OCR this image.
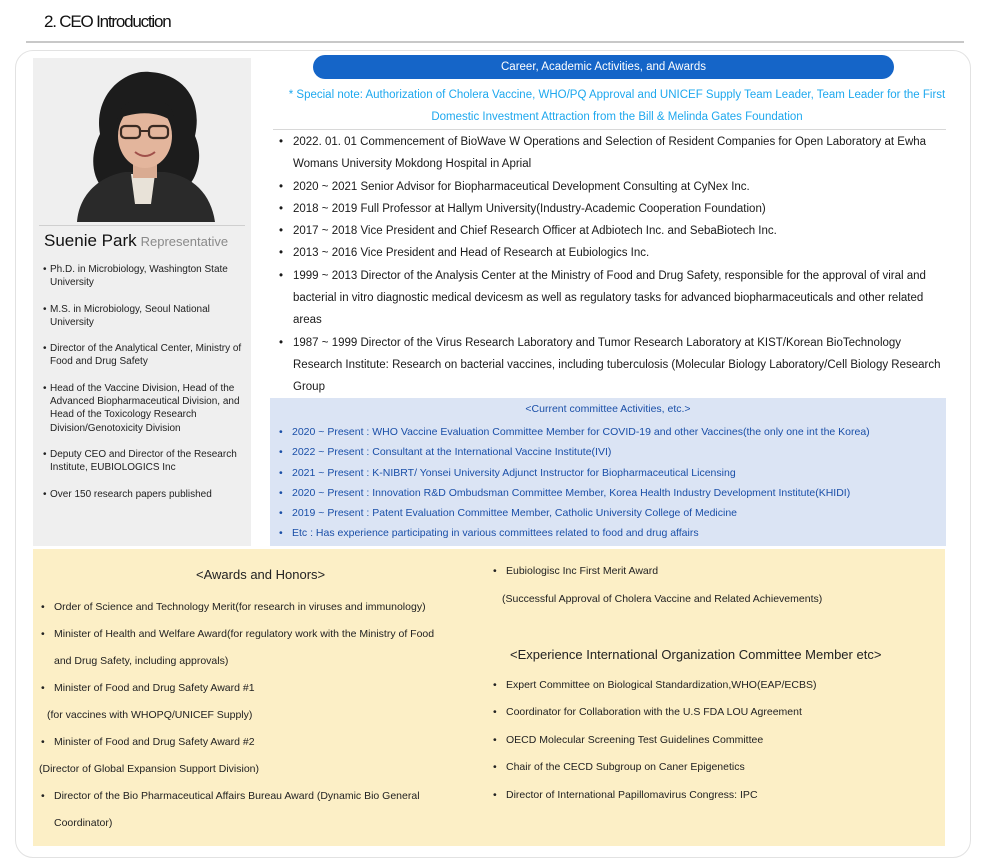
2. CEO Introduction
Suenie Park Representative
• Ph.D. in Microbiology, Washington State University
• M.S. in Microbiology, Seoul National University
• Director of the Analytical Center, Ministry of Food and Drug Safety
• Head of the Vaccine Division, Head of the Advanced Biopharmaceutical Division, and Head of the Toxicology Research Division/Genotoxicity Division
• Deputy CEO and Director of the Research Institute, EUBIOLOGICS Inc
• Over 150 research papers published
Career, Academic Activities, and Awards
* Special note: Authorization of Cholera Vaccine, WHO/PQ Approval and UNICEF Supply Team Leader, Team Leader for the First Domestic Investment Attraction from the Bill & Melinda Gates Foundation
• 2022. 01. 01 Commencement of BioWave W Operations and Selection of Resident Companies for Open Laboratory at Ewha Womans University Mokdong Hospital in Aprial
• 2020 ~ 2021 Senior Advisor for Biopharmaceutical Development Consulting at CyNex Inc.
• 2018 ~ 2019 Full Professor at Hallym University(Industry-Academic Cooperation Foundation)
• 2017 ~ 2018 Vice President and Chief Research Officer at Adbiotech Inc. and SebaBiotech Inc.
• 2013 ~ 2016 Vice President and Head of Research at Eubiologics Inc.
• 1999 ~ 2013 Director of the Analysis Center at the Ministry of Food and Drug Safety, responsible for the approval of viral and bacterial in vitro diagnostic medical devicesm as well as regulatory tasks for advanced biopharmaceuticals and other related areas
• 1987 ~ 1999 Director of the Virus Research Laboratory and Tumor Research Laboratory at KIST/Korean BioTechnology Research Institute: Research on bacterial vaccines, including tuberculosis (Molecular Biology Laboratory/Cell Biology Research Group
<Current committee Activities, etc.>
• 2020 ~ Present : WHO Vaccine Evaluation Committee Member for COVID-19 and other Vaccines(the only one int the Korea)
• 2022 ~ Present : Consultant at the International Vaccine Institute(IVI)
• 2021 ~ Present : K-NIBRT/ Yonsei University Adjunct Instructor for Biopharmaceutical Licensing
• 2020 ~ Present : Innovation R&D Ombudsman Committee Member, Korea Health Industry Development Institute(KHIDI)
• 2019 ~ Present : Patent Evaluation Committee Member, Catholic University College of Medicine
• Etc : Has experience participating in various committees related to food and drug affairs
<Awards and Honors>
• Order of Science and Technology Merit(for research in viruses and immunology)
• Minister of Health and Welfare Award(for regulatory work with the Ministry of Food
and Drug Safety, including approvals)
• Minister of Food and Drug Safety Award #1
(for vaccines with WHOPQ/UNICEF Supply)
• Minister of Food and Drug Safety Award #2
(Director of Global Expansion Support Division)
• Director of the Bio Pharmaceutical Affairs Bureau Award (Dynamic Bio General
Coordinator)
• Eubiologisc Inc First Merit Award
(Successful Approval of Cholera Vaccine and Related Achievements)
<Experience International Organization Committee Member etc>
• Expert Committee on Biological Standardization,WHO(EAP/ECBS)
• Coordinator for Collaboration with the U.S FDA LOU Agreement
• OECD Molecular Screening Test Guidelines Committee
• Chair of the CECD Subgroup on Caner Epigenetics
• Director of International Papillomavirus Congress: IPC
